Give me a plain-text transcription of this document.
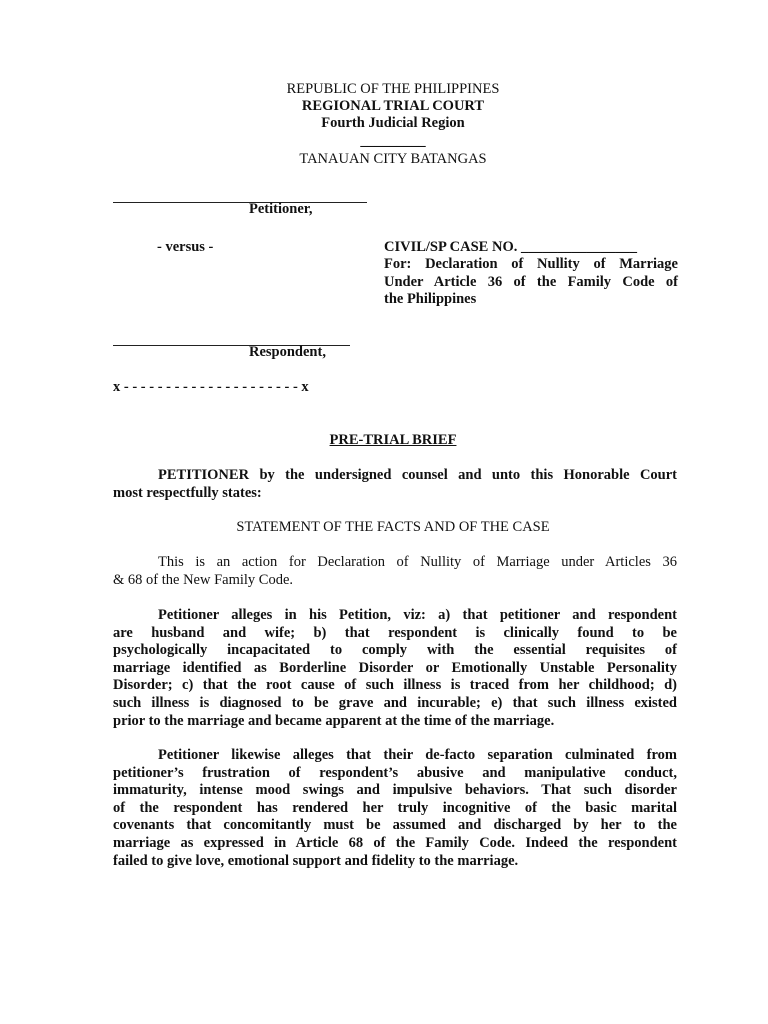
REPUBLIC OF THE PHILIPPINES
REGIONAL TRIAL COURT
Fourth Judicial Region
_________
TANAUAN CITY BATANGAS
Petitioner,
- versus -	CIVIL/SP CASE NO. ________________
For: Declaration of Nullity of Marriage
Under Article 36 of the Family Code of
the Philippines
Respondent,
x - - - - - - - - - - - - - - - - - - - - - x
PRE-TRIAL BRIEF
PETITIONER by the undersigned counsel and unto this Honorable Court
most respectfully states:
STATEMENT OF THE FACTS AND OF THE CASE
This is an action for Declaration of Nullity of Marriage under Articles 36
& 68 of the New Family Code.
Petitioner alleges in his Petition, viz: a) that petitioner and respondent
are husband and wife; b) that respondent is clinically found to be
psychologically incapacitated to comply with the essential requisites of
marriage identified as Borderline Disorder or Emotionally Unstable Personality
Disorder; c) that the root cause of such illness is traced from her childhood; d)
such illness is diagnosed to be grave and incurable; e) that such illness existed
prior to the marriage and became apparent at the time of the marriage.
Petitioner likewise alleges that their de-facto separation culminated from
petitioner’s frustration of respondent’s abusive and manipulative conduct,
immaturity, intense mood swings and impulsive behaviors. That such disorder
of the respondent has rendered her truly incognitive of the basic marital
covenants that concomitantly must be assumed and discharged by her to the
marriage as expressed in Article 68 of the Family Code. Indeed the respondent
failed to give love, emotional support and fidelity to the marriage.
